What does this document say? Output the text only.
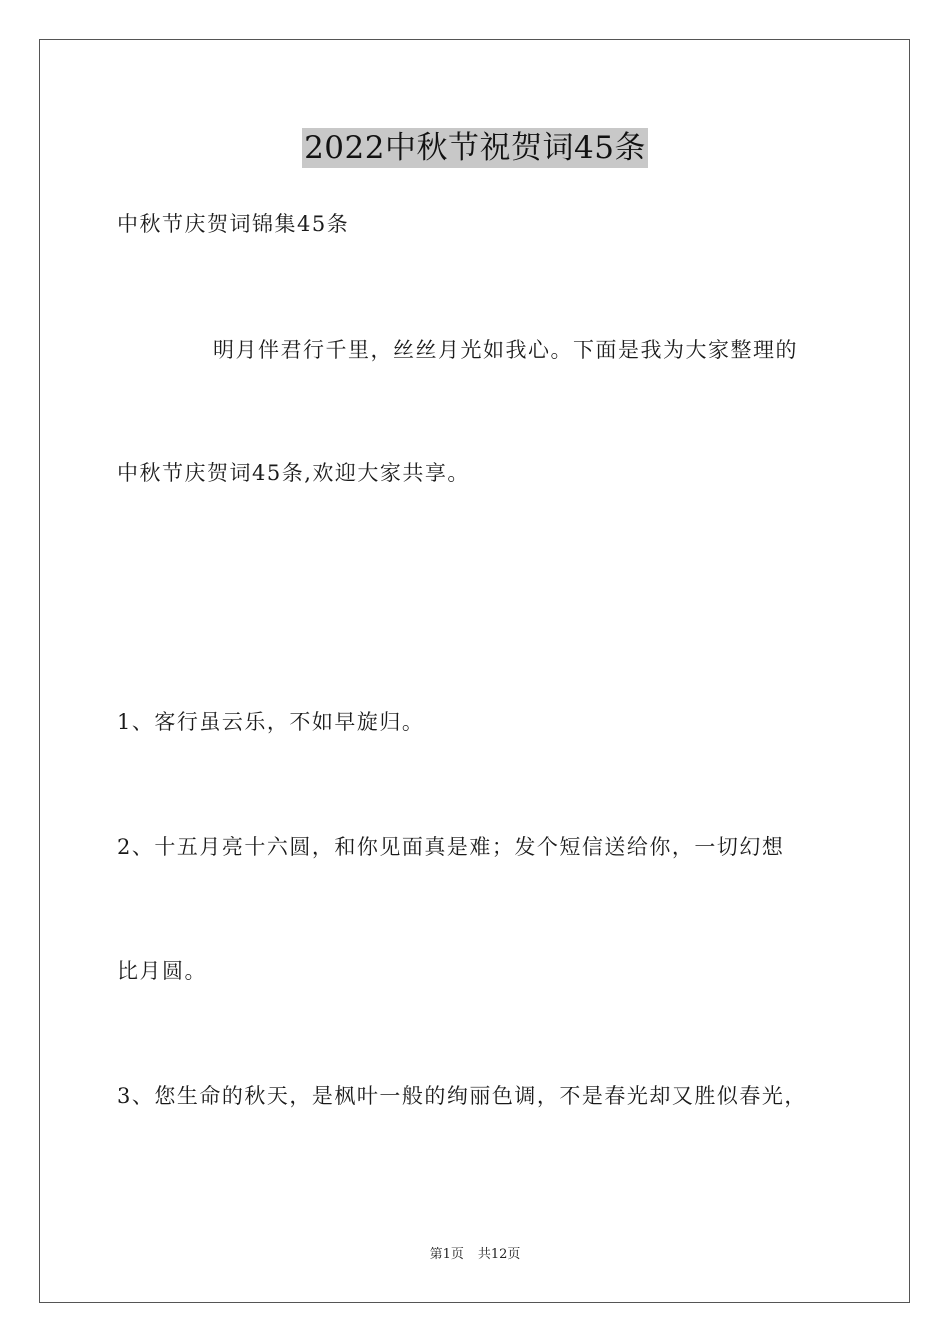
2022中秋节祝贺词45条
中秋节庆贺词锦集45条
明月伴君行千里，丝丝月光如我心。下面是我为大家整理的
中秋节庆贺词45条,欢迎大家共享。
1、客行虽云乐，不如早旋归。
2、十五月亮十六圆，和你见面真是难；发个短信送给你，一切幻想
比月圆。
3、您生命的秋天，是枫叶一般的绚丽色调，不是春光却又胜似春光，
第1页 共12页
